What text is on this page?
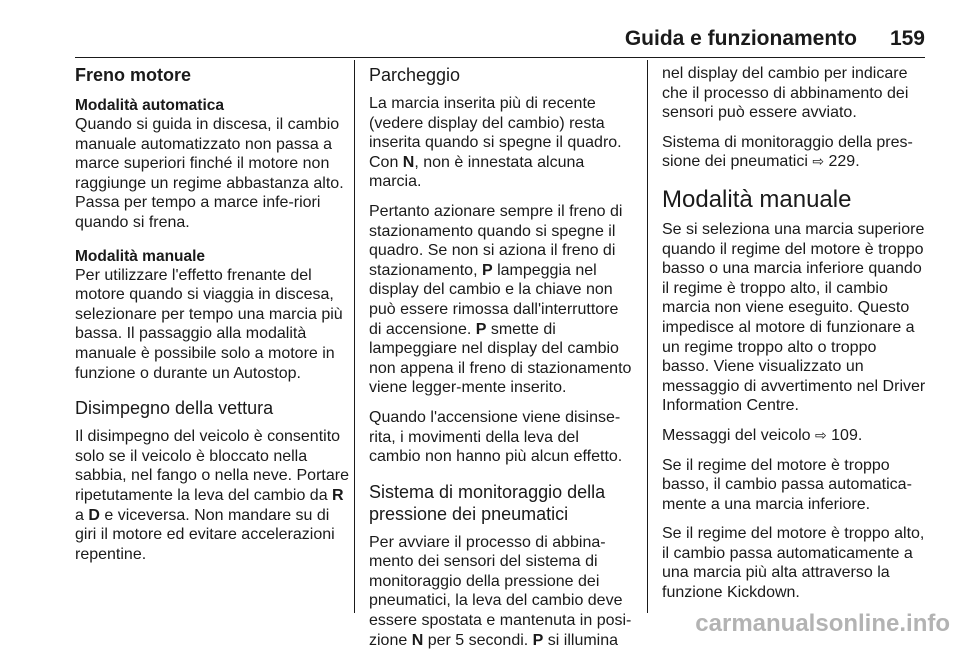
Guida e funzionamento 159
Freno motore
Modalità automatica

Quando si guida in discesa, il cambio manuale automatizzato non passa a marce superiori finché il motore non raggiunge un regime abbastanza alto. Passa per tempo a marce infe-riori quando si frena.

Modalità manuale

Per utilizzare l'effetto frenante del motore quando si viaggia in discesa, selezionare per tempo una marcia più bassa. Il passaggio alla modalità manuale è possibile solo a motore in funzione o durante un Autostop.

Disimpegno della vettura

Il disimpegno del veicolo è consentito solo se il veicolo è bloccato nella sabbia, nel fango o nella neve. Portare ripetutamente la leva del cambio da R a D e viceversa. Non mandare su di giri il motore ed evitare accelerazioni repentine.

Parcheggio

La marcia inserita più di recente (vedere display del cambio) resta inserita quando si spegne il quadro. Con N, non è innestata alcuna marcia.

Pertanto azionare sempre il freno di stazionamento quando si spegne il quadro. Se non si aziona il freno di stazionamento, P lampeggia nel display del cambio e la chiave non può essere rimossa dall'interruttore di accensione. P smette di lampeggiare nel display del cambio non appena il freno di stazionamento viene legger-mente inserito.

Quando l'accensione viene disinse-rita, i movimenti della leva del cambio non hanno più alcun effetto.

Sistema di monitoraggio della pressione dei pneumatici

Per avviare il processo di abbina-mento dei sensori del sistema di monitoraggio della pressione dei pneumatici, la leva del cambio deve essere spostata e mantenuta in posi-zione N per 5 secondi. P si illumina

nel display del cambio per indicare che il processo di abbinamento dei sensori può essere avviato.

Sistema di monitoraggio della pres-sione dei pneumatici ⇨ 229.

Modalità manuale

Se si seleziona una marcia superiore quando il regime del motore è troppo basso o una marcia inferiore quando il regime è troppo alto, il cambio marcia non viene eseguito. Questo impedisce al motore di funzionare a un regime troppo alto o troppo basso. Viene visualizzato un messaggio di avvertimento nel Driver Information Centre.

Messaggi del veicolo ⇨ 109.

Se il regime del motore è troppo basso, il cambio passa automatica-mente a una marcia inferiore.

Se il regime del motore è troppo alto, il cambio passa automaticamente a una marcia più alta attraverso la funzione Kickdown.

carmanualsonline.info
